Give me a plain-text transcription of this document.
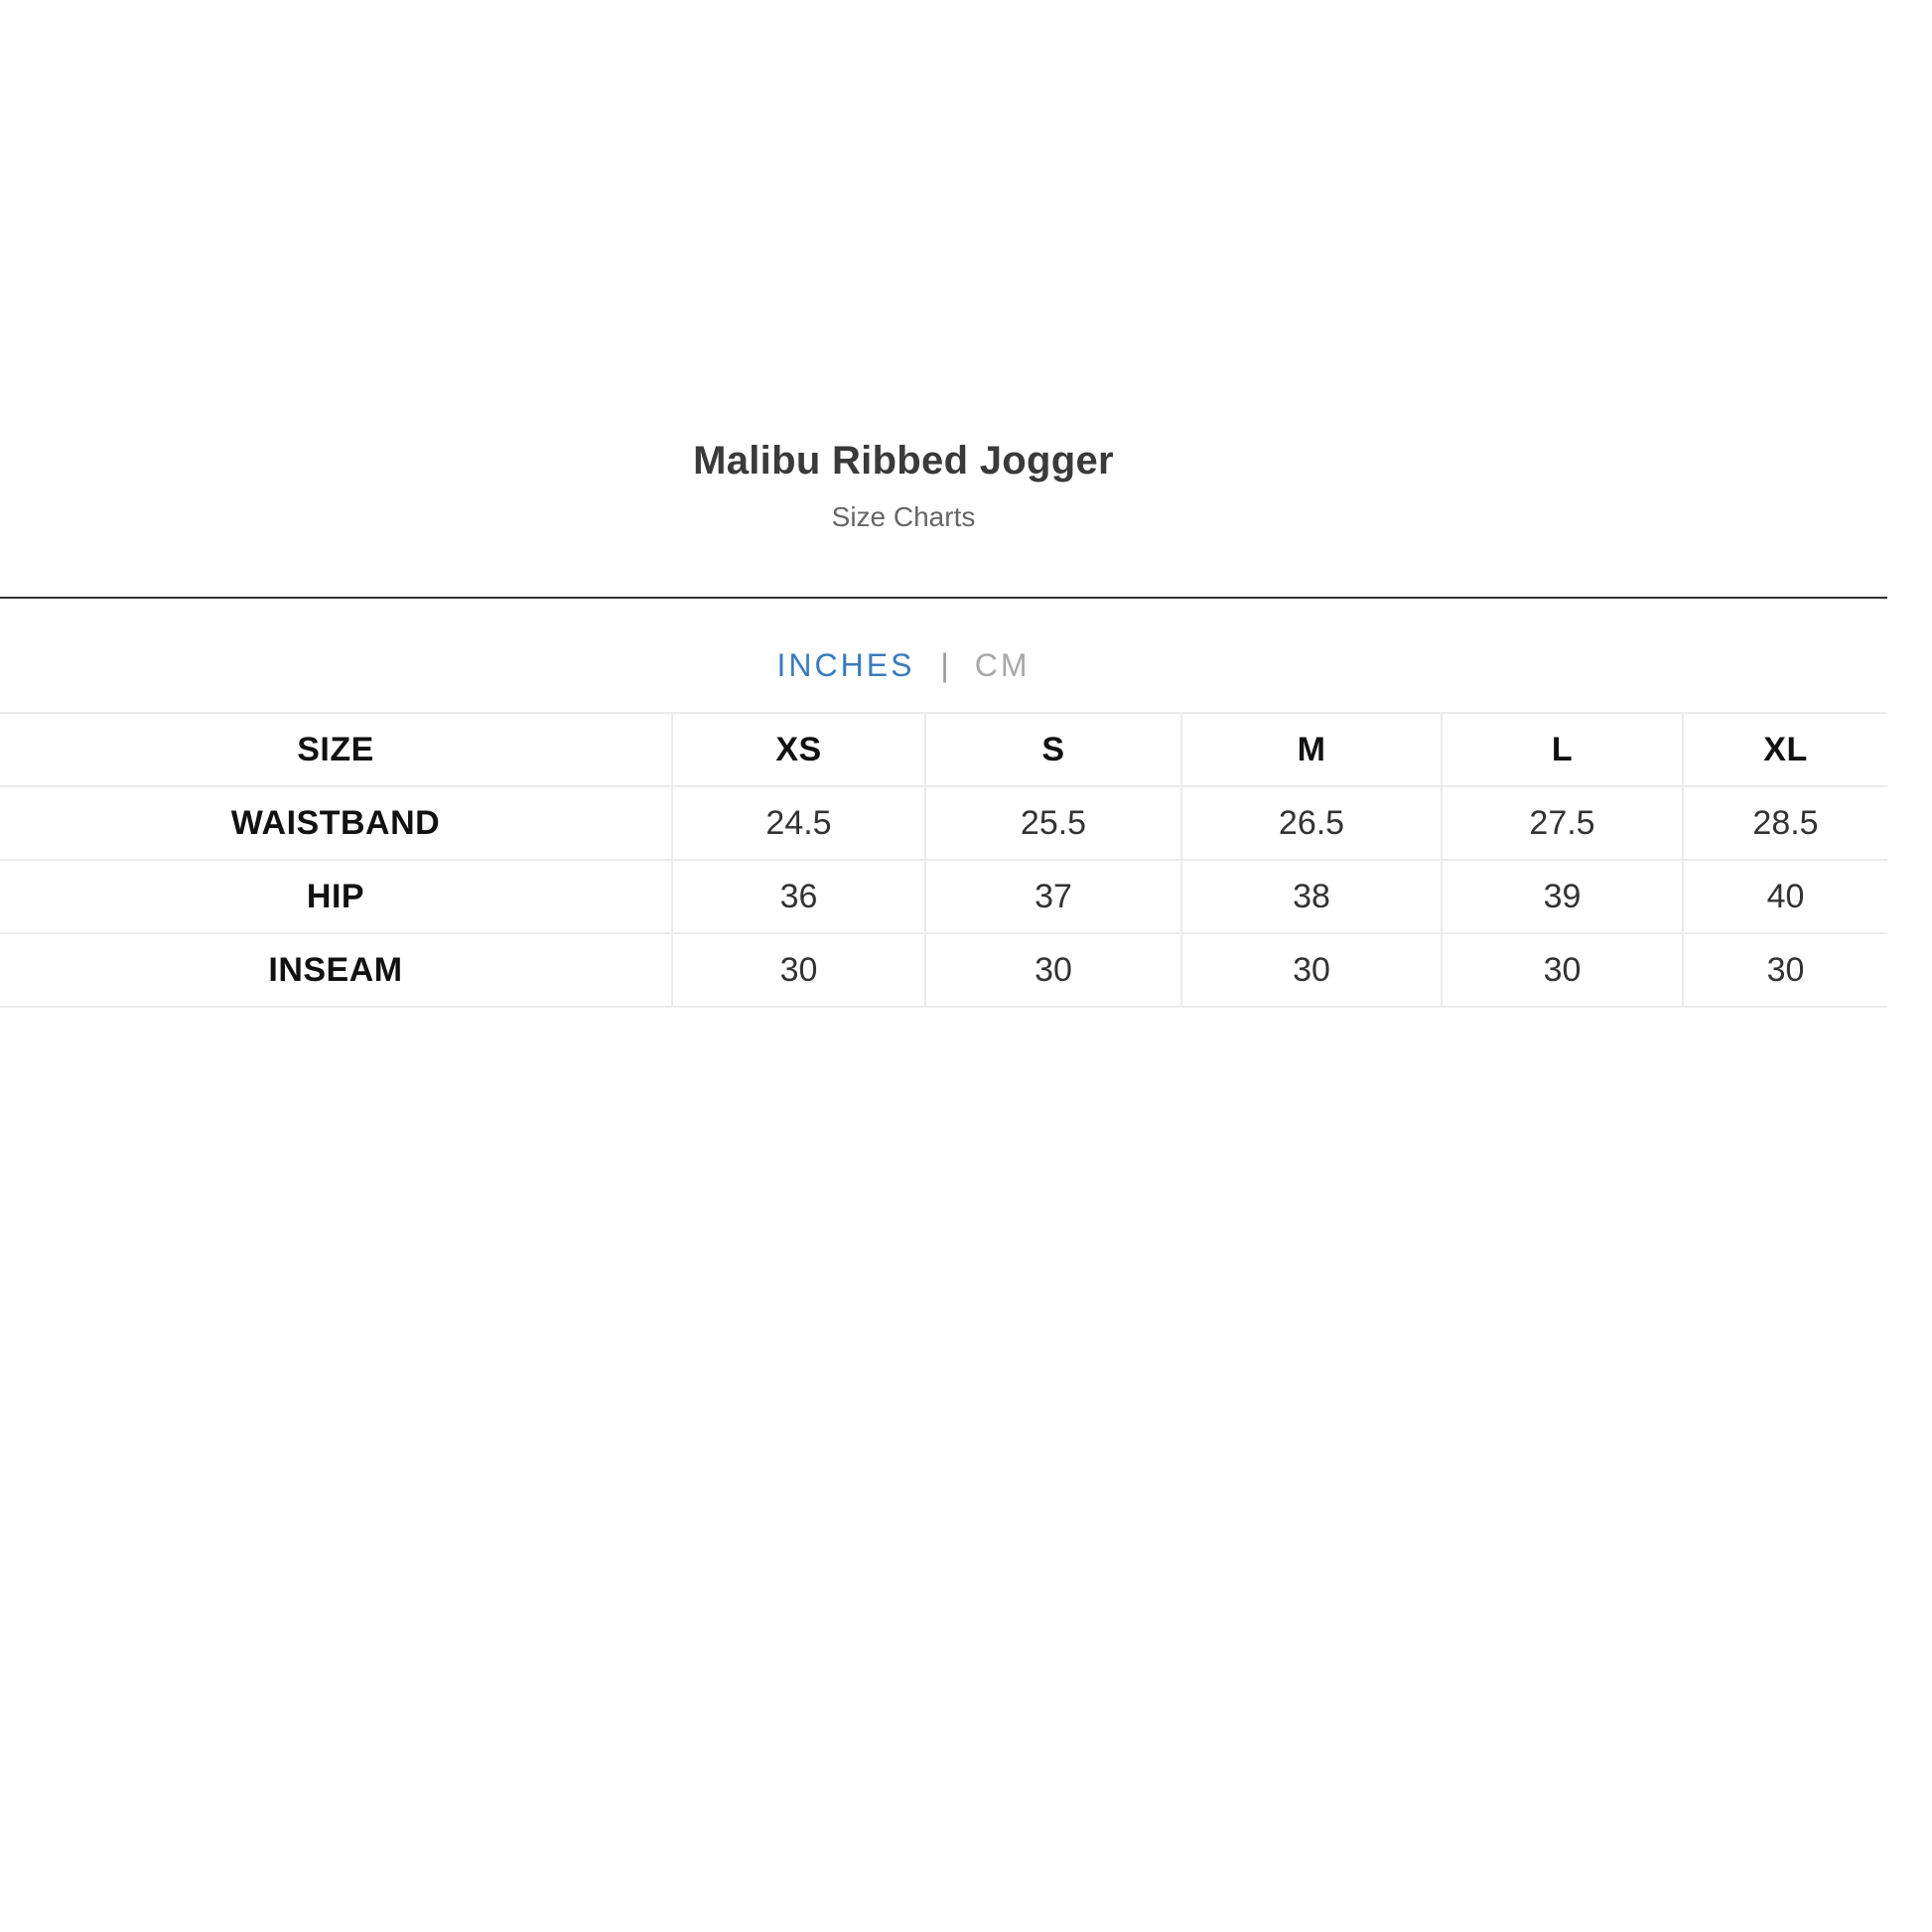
Malibu Ribbed Jogger
Size Charts
INCHES | CM
SIZE	XS	S	M	L	XL
WAISTBAND	24.5	25.5	26.5	27.5	28.5
HIP	36	37	38	39	40
INSEAM	30	30	30	30	30
